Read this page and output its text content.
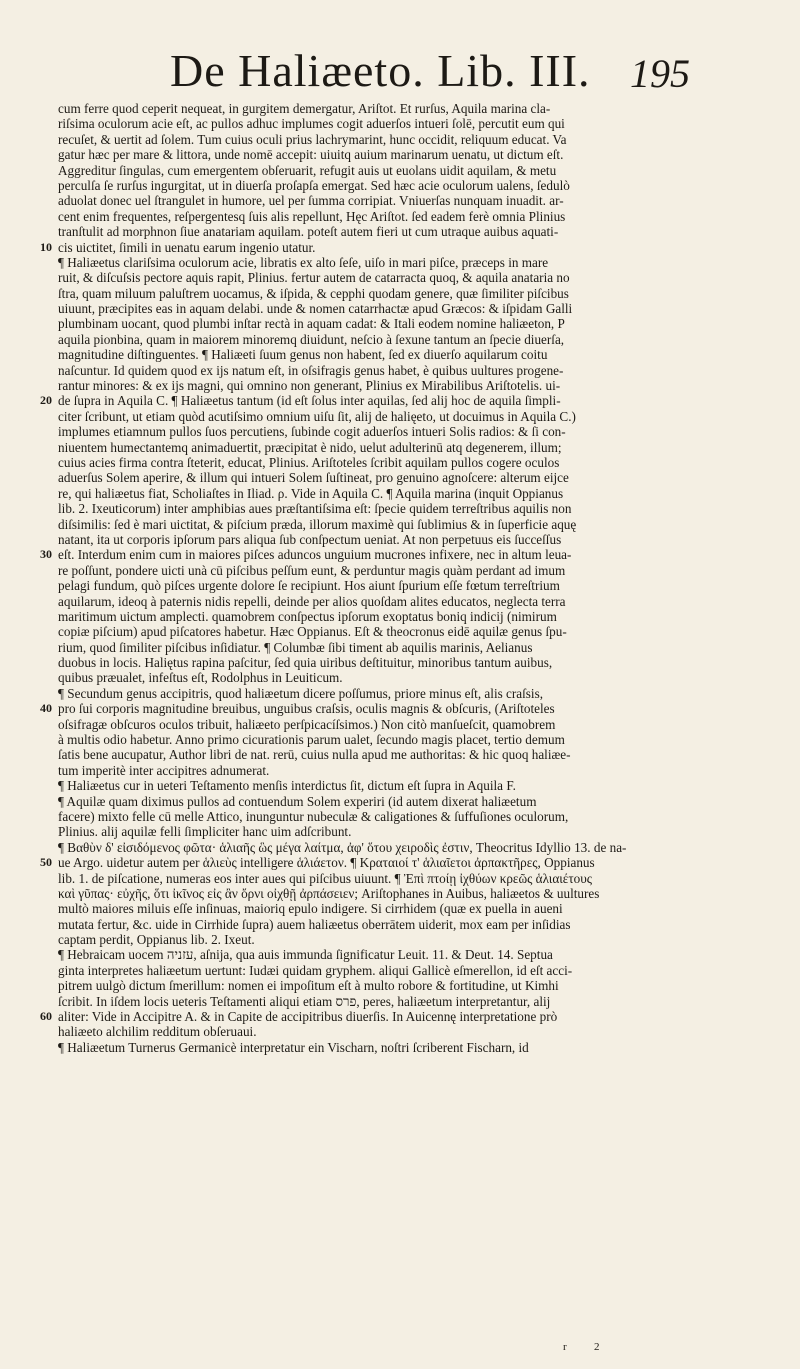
De Haliæeto. Lib. III. 195
cum ferre quod ceperit nequeat, in gurgitem demergatur, Ariſtot. Et rurſus, Aquila marina cla-
riſsima oculorum acie eſt, ac pullos adhuc implumes cogit aduerſos intueri ſolē, percutit eum qui
recuſet, & uertit ad ſolem. Tum cuius oculi prius lachrymarint, hunc occidit, reliquum educat. Va
gatur hæc per mare & littora, unde nomē accepit: uiuitq auium marinarum uenatu, ut dictum eſt.
Aggreditur ſingulas, cum emergentem obſeruarit, refugit auis ut euolans uidit aquilam, & metu
perculſa ſe rurſus ingurgitat, ut in diuerſa proſapſa emergat. Sed hæc acie oculorum ualens, ſedulò
aduolat donec uel ſtrangulet in humore, uel per ſumma corripiat. Vniuerſas nunquam inuadit. ar-
cent enim frequentes, reſpergentesq ſuis alis repellunt, Hęc Ariſtot. ſed eadem ferè omnia Plinius
tranſtulit ad morphnon ſiue anatariam aquilam. poteſt autem fieri ut cum utraque auibus aquati-
10 cis uictitet, ſimili in uenatu earum ingenio utatur.
¶ Haliæetus clariſsima oculorum acie, libratis ex alto ſeſe, uiſo in mari piſce, præceps in mare
ruit, & diſcuſsis pectore aquis rapit, Plinius. fertur autem de catarracta quoq, & aquila anataria no
ſtra, quam miluum paluſtrem uocamus, & iſpida, & cepphi quodam genere, quæ ſimiliter piſcibus
uiuunt, præcipites eas in aquam delabi. unde & nomen catarrhactæ apud Græcos: & iſpidam Galli
plumbinam uocant, quod plumbi inſtar rectà in aquam cadat: & Itali eodem nomine haliæeton, P
aquila pionbina, quam in maiorem minoremq diuidunt, neſcio à ſexune tantum an ſpecie diuerſa,
magnitudine diſtinguentes. ¶ Haliæeti ſuum genus non habent, ſed ex diuerſo aquilarum coitu
naſcuntur. Id quidem quod ex ijs natum eſt, in oſsifragis genus habet, è quibus uultures progene-
rantur minores: & ex ijs magni, qui omnino non generant, Plinius ex Mirabilibus Ariſtotelis. ui-
20 de ſupra in Aquila C. ¶ Haliæetus tantum (id eſt ſolus inter aquilas, ſed alij hoc de aquila ſimpli-
citer ſcribunt, ut etiam quòd acutiſsimo omnium uiſu ſit, alij de halięeto, ut docuimus in Aquila C.)
implumes etiamnum pullos ſuos percutiens, ſubinde cogit aduerſos intueri Solis radios: & ſi con-
niuentem humectantemq animaduertit, præcipitat è nido, uelut adulterinū atq degenerem, illum;
cuius acies firma contra ſteterit, educat, Plinius. Ariſtoteles ſcribit aquilam pullos cogere oculos
aduerſus Solem aperire, & illum qui intueri Solem ſuſtineat, pro genuino agnoſcere: alterum eijce
re, qui haliæetus fiat, Scholiaſtes in Iliad. ρ. Vide in Aquila C. ¶ Aquila marina (inquit Oppianus
lib. 2. Ixeuticorum) inter amphibias aues præſtantiſsima eſt: ſpecie quidem terreſtribus aquilis non
diſsimilis: ſed è mari uictitat, & piſcium præda, illorum maximè qui ſublimius & in ſuperficie aquę
natant, ita ut corporis ipſorum pars aliqua ſub conſpectum ueniat. At non perpetuus eis ſucceſſus
30 eſt. Interdum enim cum in maiores piſces aduncos unguium mucrones infixere, nec in altum leua-
re poſſunt, pondere uicti unà cū piſcibus peſſum eunt, & perduntur magis quàm perdant ad imum
pelagi fundum, quò piſces urgente dolore ſe recipiunt. Hos aiunt ſpurium eſſe fœtum terreſtrium
aquilarum, ideoq à paternis nidis repelli, deinde per alios quoſdam alites educatos, neglecta terra
maritimum uictum amplecti. quamobrem conſpectus ipſorum exoptatus boniq indicij (nimirum
copiæ piſcium) apud piſcatores habetur. Hæc Oppianus. Eſt & theocronus eidē aquilæ genus ſpu-
rium, quod ſimiliter piſcibus inſidiatur. ¶ Columbæ ſibi timent ab aquilis marinis, Aelianus
duobus in locis. Haliętus rapina paſcitur, ſed quia uiribus deſtituitur, minoribus tantum auibus,
quibus præualet, infeſtus eſt, Rodolphus in Leuiticum.
¶ Secundum genus accipitris, quod haliæetum dicere poſſumus, priore minus eſt, alis craſsis,
40 pro ſui corporis magnitudine breuibus, unguibus craſsis, oculis magnis & obſcuris, (Ariſtoteles
oſsifragæ obſcuros oculos tribuit, haliæeto perſpicacíſsimos.) Non citò manſueſcit, quamobrem
à multis odio habetur. Anno primo cicurationis parum ualet, ſecundo magis placet, tertio demum
ſatis bene aucupatur, Author libri de nat. rerū, cuius nulla apud me authoritas: & hic quoq haliæe-
tum imperitè inter accipitres adnumerat.
¶ Haliæetus cur in ueteri Teſtamento menſis interdictus ſit, dictum eſt ſupra in Aquila F.
¶ Aquilæ quam diximus pullos ad contuendum Solem experiri (id autem dixerat haliæetum
facere) mixto felle cū melle Attico, inunguntur nubeculæ & caligationes & ſuffuſiones oculorum,
Plinius. alij aquilæ felli ſimpliciter hanc uim adſcribunt.
¶ Βαθὺν δ' εἰσιδόμενος φῶτα· ἁλιαῆς ὣς μέγα λαίτμα, ἀφ' ὅτου χειροδὶς ἐστιν, Theocritus Idyllio 13. de na-
50 ue Argo. uidetur autem per ἁλιεὺς intelligere ἁλιάετον. ¶ Κραταιοί τ' ἁλιαῖετοι ἀρπακτῆρες, Oppianus
lib. 1. de piſcatione, numeras eos inter aues qui piſcibus uiuunt. ¶ Ἐπὶ πτοίῃ ἰχθύων κρεῶς ἁλιαιέτους
καὶ γῦπας· εὐχῆς, ὅτι ἰκῖνος εἰς ἂν ὄρνι οἰχθῇ ἀρπάσειεν; Ariſtophanes in Auibus, haliæetos & uultures
multò maiores miluis eſſe inſinuas, maioriq epulo indigere. Si cirrhidem (quæ ex puella in aueni
mutata fertur, &c. uide in Cirrhide ſupra) auem haliæetus oberrātem uiderit, mox eam per inſidias
captam perdit, Oppianus lib. 2. Ixeut.
¶ Hebraicam uocem עזניה, aſnija, qua auis immunda ſignificatur Leuit. 11. & Deut. 14. Septua
ginta interpretes haliæetum uertunt: Iudæi quidam gryphem. aliqui Gallicè eſmerellon, id eſt acci-
pitrem uulgò dictum ſmerillum: nomen ei impoſitum eſt à multo robore & fortitudine, ut Kimhi
ſcribit. In iſdem locis ueteris Teſtamenti aliqui etiam פרס, peres, haliæetum interpretantur, alij
60 aliter: Vide in Accipitre A. & in Capite de accipitribus diuerſis. In Auicennę interpretatione prò
haliæeto alchilim redditum obſeruaui.
¶ Haliæetum Turnerus Germanicè interpretatur ein Vischarn, noſtri ſcriberent Fischarn, id
r 2
